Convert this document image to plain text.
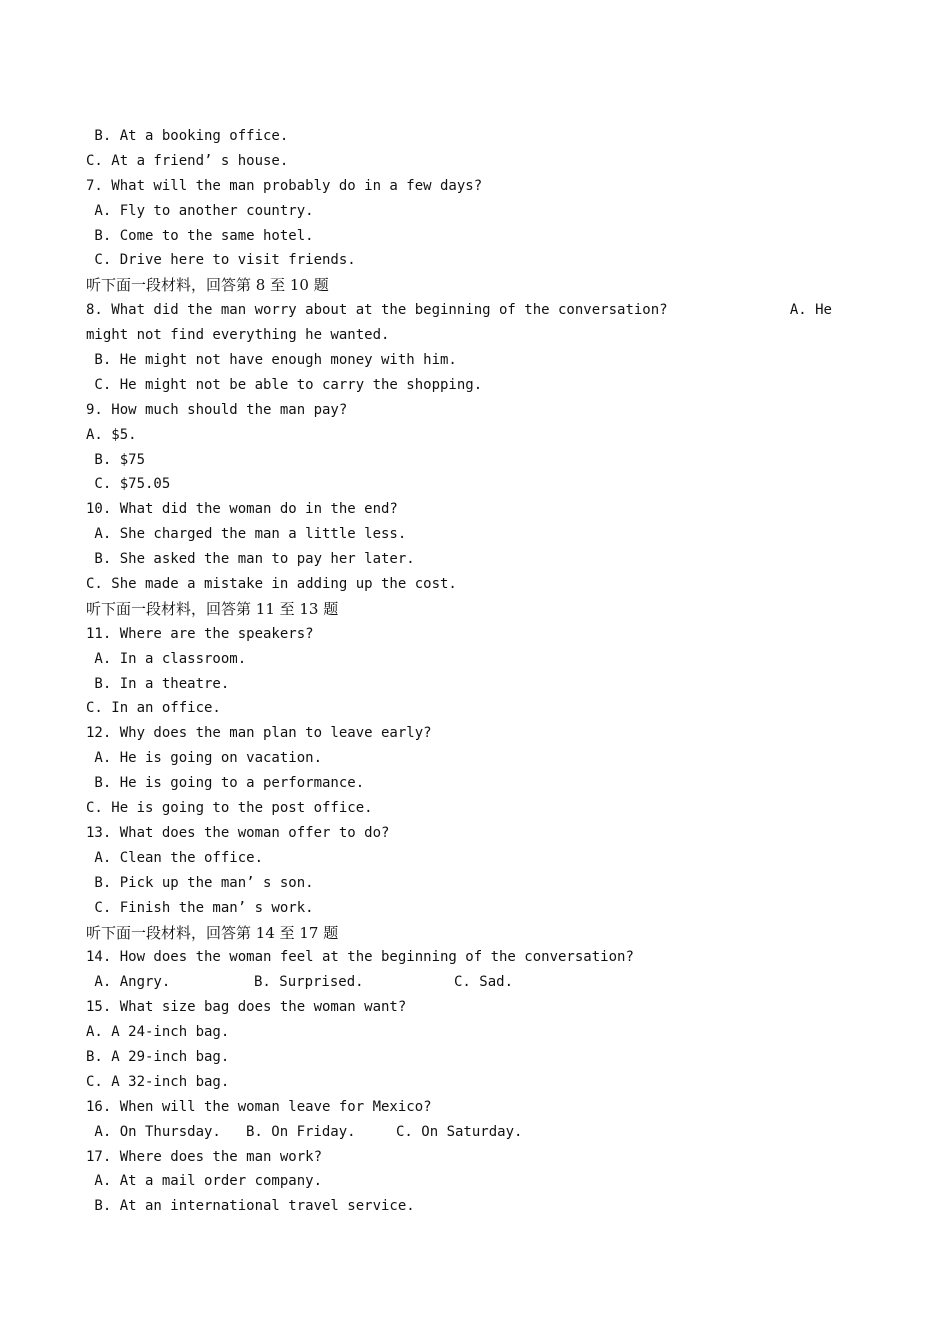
B. At a booking office.
C. At a friend’ s house.
7. What will the man probably do in a few days?
A. Fly to another country.
B. Come to the same hotel.
C. Drive here to visit friends.
听下面一段材料，回答第 8 至 10 题
8. What did the man worry about at the beginning of the conversation?	A. He
might not find everything he wanted.
B. He might not have enough money with him.
C. He might not be able to carry the shopping.
9. How much should the man pay?
A. $5.
B. $75
C. $75.05
10. What did the woman do in the end?
A. She charged the man a little less.
B. She asked the man to pay her later.
C. She made a mistake in adding up the cost.
听下面一段材料，回答第 11 至 13 题
11. Where are the speakers?
A. In a classroom.
B. In a theatre.
C. In an office.
12. Why does the man plan to leave early?
A. He is going on vacation.
B. He is going to a performance.
C. He is going to the post office.
13. What does the woman offer to do?
A. Clean the office.
B. Pick up the man’ s son.
C. Finish the man’ s work.
听下面一段材料，回答第 14 至 17 题
14. How does the woman feel at the beginning of the conversation?
A. Angry.	B. Surprised.	C. Sad.
15. What size bag does the woman want?
A. A 24-inch bag.
B. A 29-inch bag.
C. A 32-inch bag.
16. When will the woman leave for Mexico?
A. On Thursday.	B. On Friday.	C. On Saturday.
17. Where does the man work?
A. At a mail order company.
B. At an international travel service.
